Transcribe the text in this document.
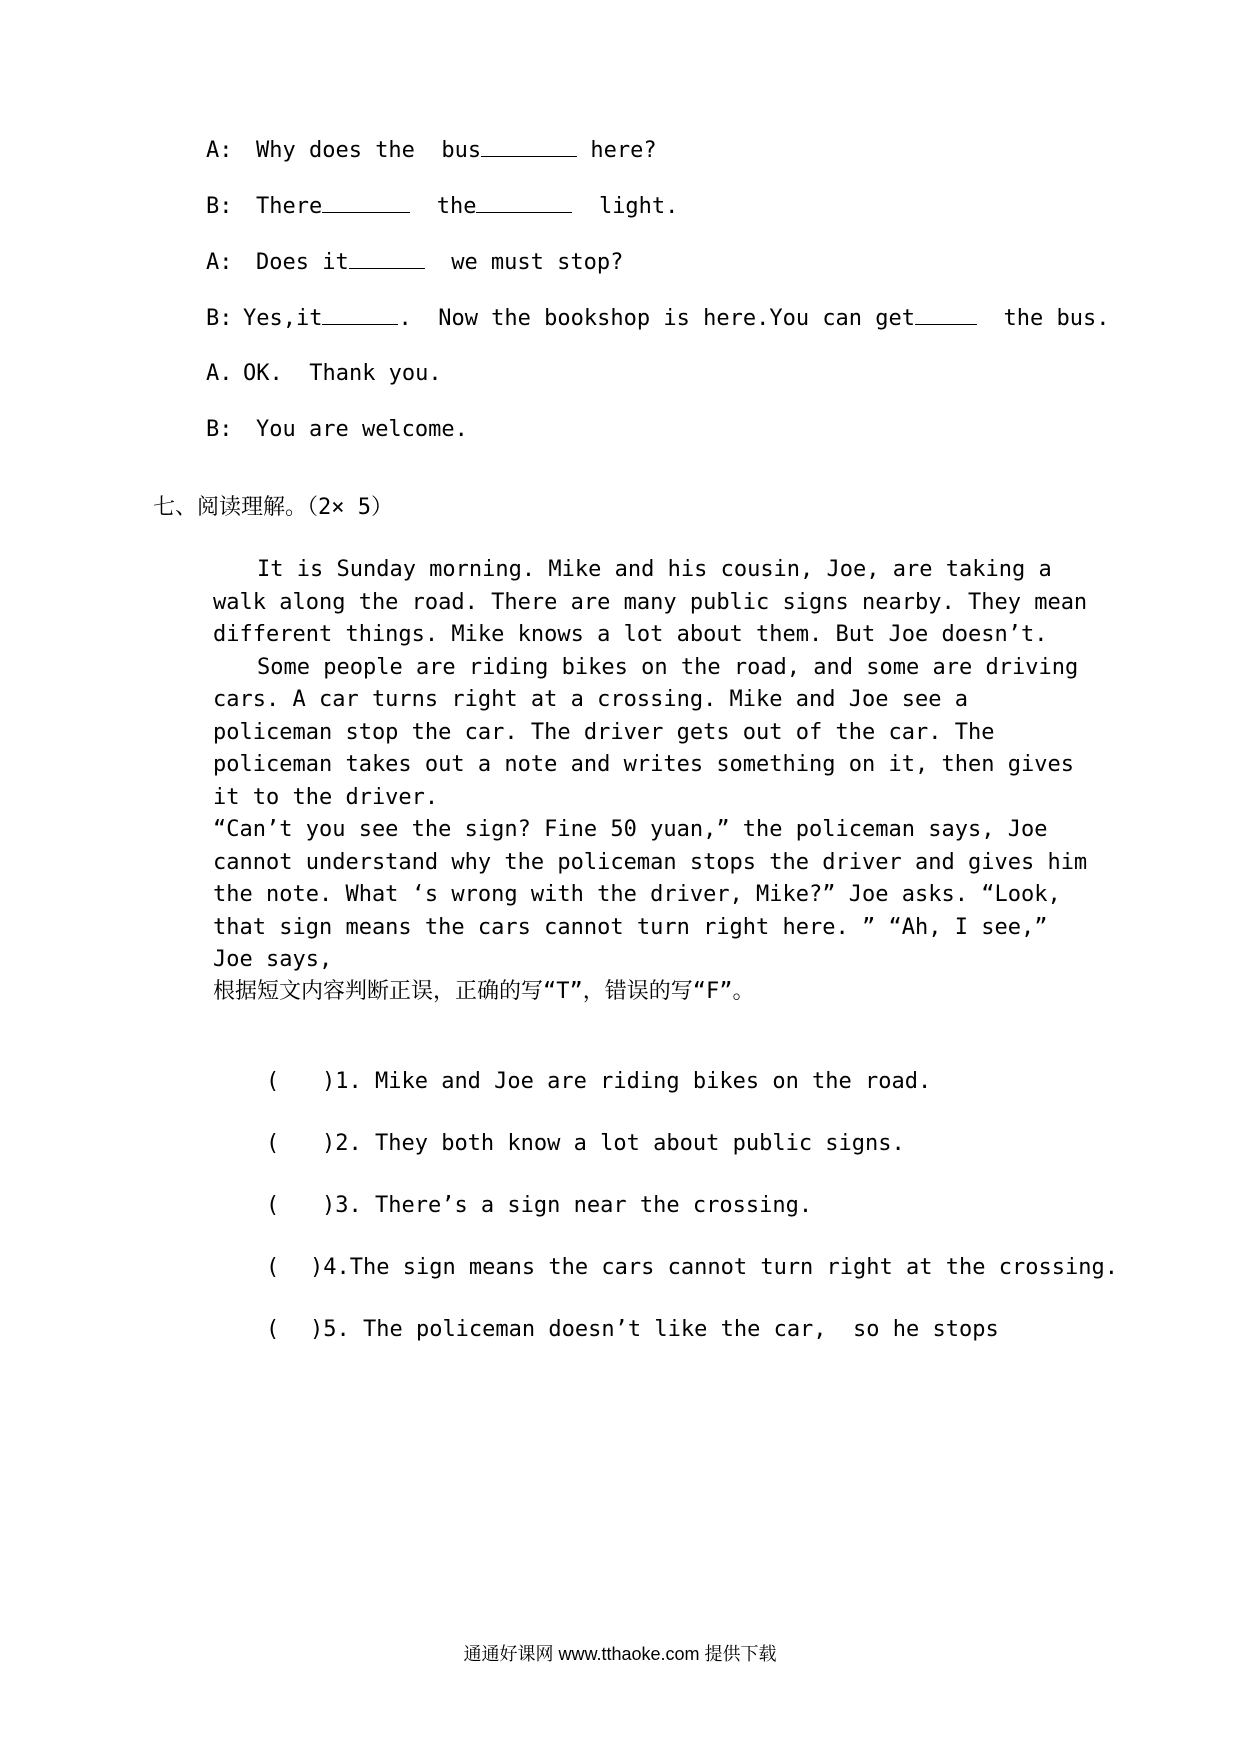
A: Why does the  bus	here?

B: There	the	light.

A: Does it	we must stop?

B: Yes,it	.  Now the bookshop is here.You can get	the bus.

A. OK.  Thank you.

B: You are welcome.

七、阅读理解。（2× 5）

It is Sunday morning. Mike and his cousin, Joe, are taking a walk along the road. There are many public signs nearby. They mean different things. Mike knows a lot about them. But Joe doesn’t.

Some people are riding bikes on the road, and some are driving cars. A car turns right at a crossing. Mike and Joe see a policeman stop the car. The driver gets out of the car. The policeman takes out a note and writes something on it, then gives it to the driver.

“Can’t you see the sign? Fine 50 yuan,” the policeman says, Joe cannot understand why the policeman stops the driver and gives him the note. What ‘s wrong with the driver, Mike?” Joe asks. “Look, that sign means the cars cannot turn right here. ” “Ah, I see,” Joe says,

根据短文内容判断正误，正确的写“T”，错误的写“F”。

( )1. Mike and Joe are riding bikes on the road.

( )2. They both know a lot about public signs.

( )3. There’s a sign near the crossing.

( )4.The sign means the cars cannot turn right at the crossing.

( )5. The policeman doesn’t like the car,  so he stops

通通好课网 www.tthaoke.com 提供下载
